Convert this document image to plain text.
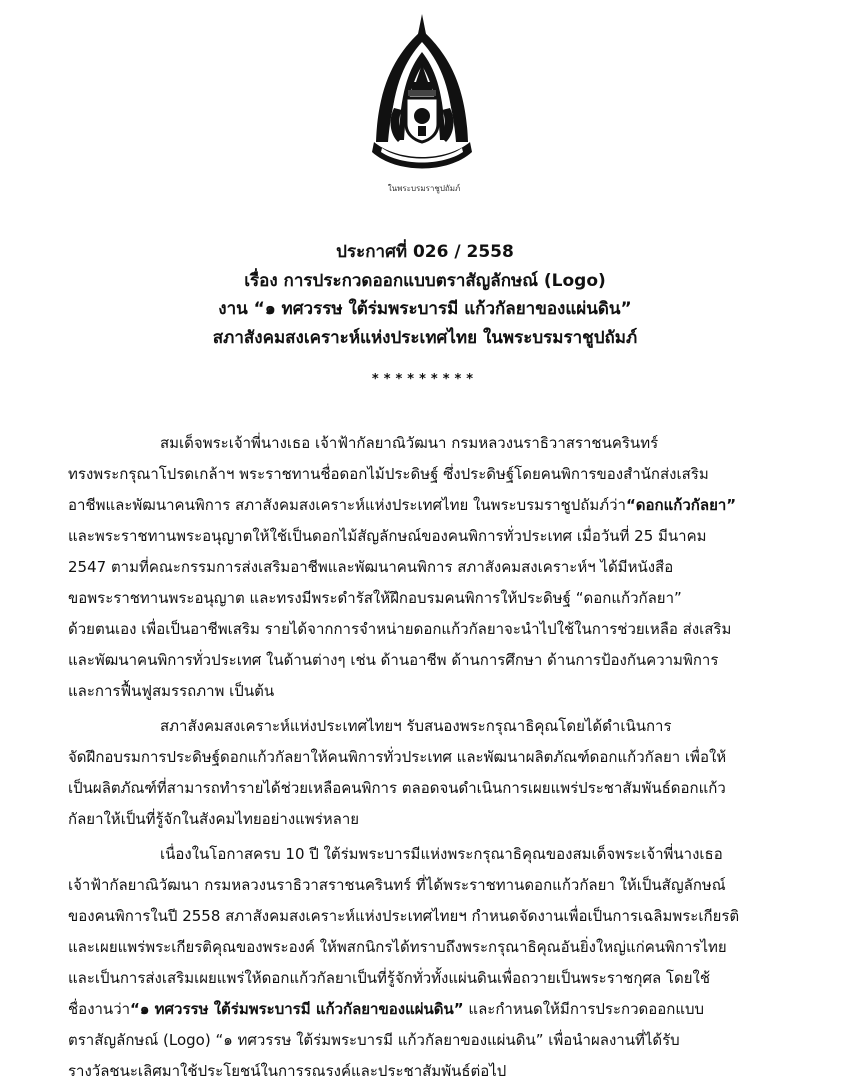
ในพระบรมราชูปถัมภ์
ประกาศที่ 026 / 2558
เรื่อง การประกวดออกแบบตราสัญลักษณ์ (Logo)
งาน “๑ ทศวรรษ ใต้ร่มพระบารมี แก้วกัลยาของแผ่นดิน”
สภาสังคมสงเคราะห์แห่งประเทศไทย ในพระบรมราชูปถัมภ์
*********
สมเด็จพระเจ้าพี่นางเธอ เจ้าฟ้ากัลยาณิวัฒนา กรมหลวงนราธิวาสราชนครินทร์
ทรงพระกรุณาโปรดเกล้าฯ พระราชทานชื่อดอกไม้ประดิษฐ์ ซึ่งประดิษฐ์โดยคนพิการของสำนักส่งเสริม
อาชีพและพัฒนาคนพิการ สภาสังคมสงเคราะห์แห่งประเทศไทย ในพระบรมราชูปถัมภ์ว่า“ดอกแก้วกัลยา”
และพระราชทานพระอนุญาตให้ใช้เป็นดอกไม้สัญลักษณ์ของคนพิการทั่วประเทศ เมื่อวันที่ 25 มีนาคม
2547 ตามที่คณะกรรมการส่งเสริมอาชีพและพัฒนาคนพิการ สภาสังคมสงเคราะห์ฯ ได้มีหนังสือ
ขอพระราชทานพระอนุญาต และทรงมีพระดำรัสให้ฝึกอบรมคนพิการให้ประดิษฐ์ “ดอกแก้วกัลยา”
ด้วยตนเอง เพื่อเป็นอาชีพเสริม รายได้จากการจำหน่ายดอกแก้วกัลยาจะนำไปใช้ในการช่วยเหลือ ส่งเสริม
และพัฒนาคนพิการทั่วประเทศ ในด้านต่างๆ เช่น ด้านอาชีพ ด้านการศึกษา ด้านการป้องกันความพิการ
และการฟื้นฟูสมรรถภาพ เป็นต้น
สภาสังคมสงเคราะห์แห่งประเทศไทยฯ รับสนองพระกรุณาธิคุณโดยได้ดำเนินการ
จัดฝึกอบรมการประดิษฐ์ดอกแก้วกัลยาให้คนพิการทั่วประเทศ และพัฒนาผลิตภัณฑ์ดอกแก้วกัลยา เพื่อให้
เป็นผลิตภัณฑ์ที่สามารถทำรายได้ช่วยเหลือคนพิการ ตลอดจนดำเนินการเผยแพร่ประชาสัมพันธ์ดอกแก้ว
กัลยาให้เป็นที่รู้จักในสังคมไทยอย่างแพร่หลาย
เนื่องในโอกาสครบ 10 ปี ใต้ร่มพระบารมีแห่งพระกรุณาธิคุณของสมเด็จพระเจ้าพี่นางเธอ
เจ้าฟ้ากัลยาณิวัฒนา กรมหลวงนราธิวาสราชนครินทร์ ที่ได้พระราชทานดอกแก้วกัลยา ให้เป็นสัญลักษณ์
ของคนพิการในปี 2558 สภาสังคมสงเคราะห์แห่งประเทศไทยฯ กำหนดจัดงานเพื่อเป็นการเฉลิมพระเกียรติ
และเผยแพร่พระเกียรติคุณของพระองค์ ให้พสกนิกรได้ทราบถึงพระกรุณาธิคุณอันยิ่งใหญ่แก่คนพิการไทย
และเป็นการส่งเสริมเผยแพร่ให้ดอกแก้วกัลยาเป็นที่รู้จักทั่วทั้งแผ่นดินเพื่อถวายเป็นพระราชกุศล โดยใช้
ชื่องานว่า“๑ ทศวรรษ ใต้ร่มพระบารมี แก้วกัลยาของแผ่นดิน” และกำหนดให้มีการประกวดออกแบบ
ตราสัญลักษณ์ (Logo) “๑ ทศวรรษ ใต้ร่มพระบารมี แก้วกัลยาของแผ่นดิน” เพื่อนำผลงานที่ได้รับ
รางวัลชนะเลิศมาใช้ประโยชน์ในการรณรงค์และประชาสัมพันธ์ต่อไป
